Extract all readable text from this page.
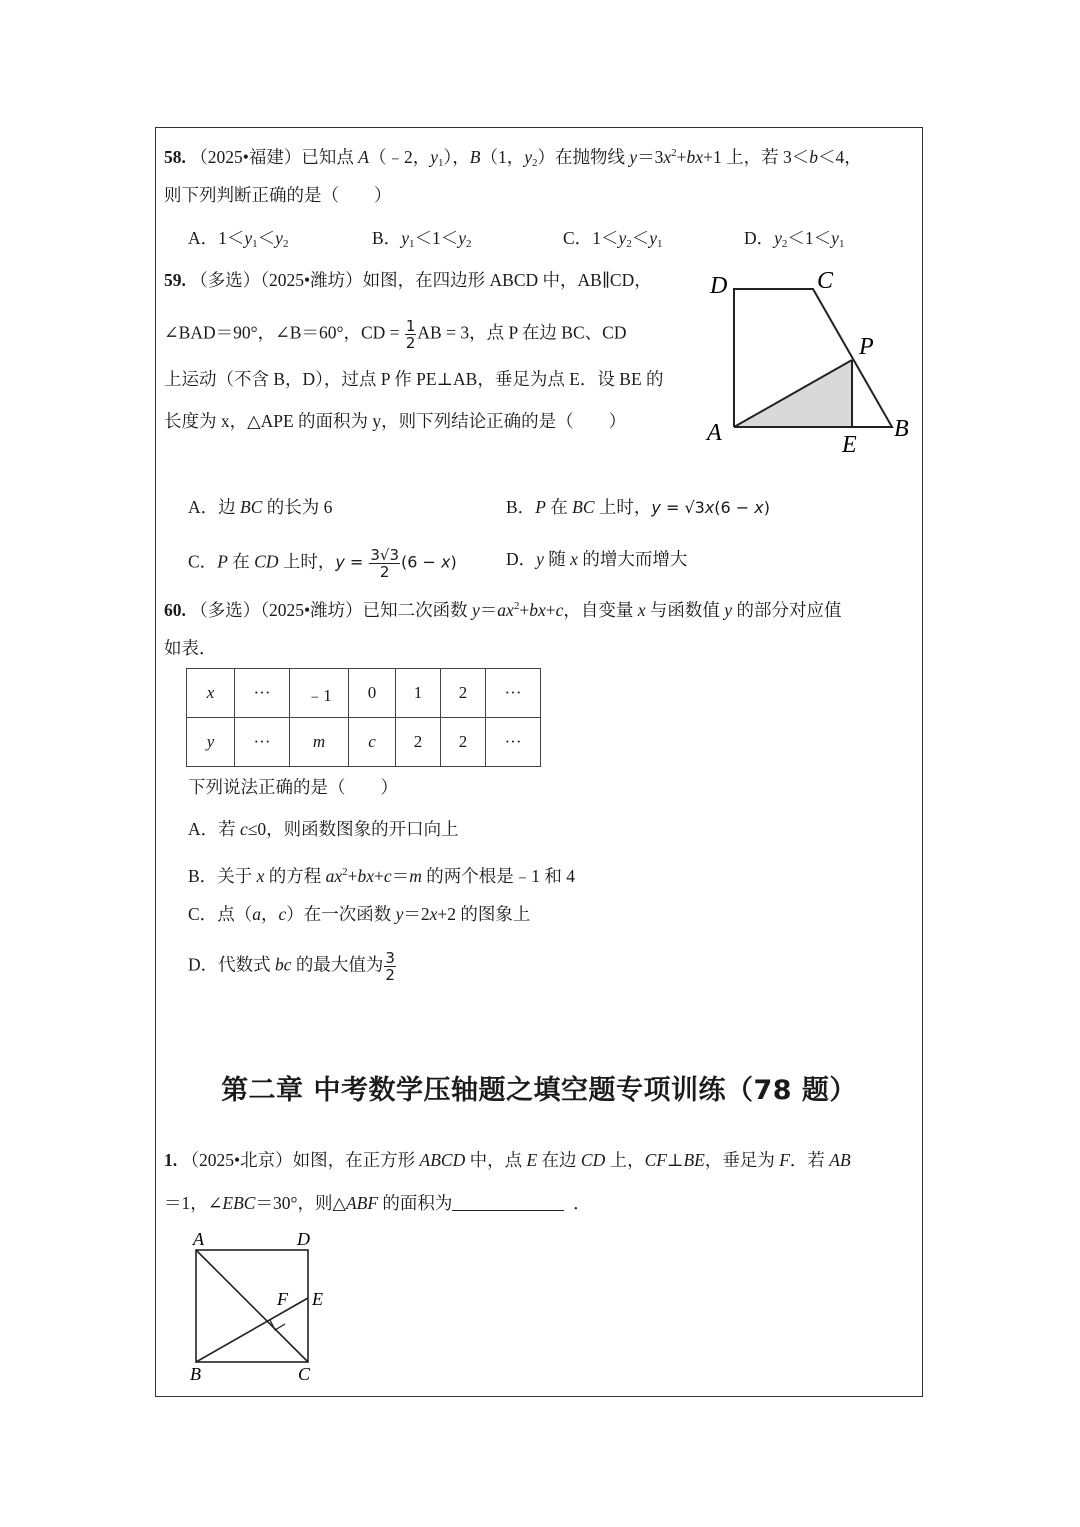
58. （2025•福建）已知点 A（﹣2，$y_1$），B（1，$y_2$）在抛物线 $y=3x^2+bx+1$ 上，若 3＜b＜4，
则下列判断正确的是（　　）
A．$1<y_1<y_2$	B．$y_1<1<y_2$	C．$1<y_2<y_1$	D．$y_2<1<y_1$
59. （多选）（2025•潍坊）如图，在四边形 ABCD 中，AB∥CD，
∠BAD＝90°，∠B＝60°，CD = $\frac{1}{2}$ AB = 3，点 P 在边 BC、CD
上运动（不含 B，D），过点 P 作 PE⊥AB，垂足为点 E．设 BE 的
长度为 x，△APE 的面积为 y，则下列结论正确的是（　　）
D	C
P
A	E
B
A．边 BC 的长为 6	B．P 在 BC 上时，y = √3x(6 − x)
C．P 在 CD 上时，$y = \frac{3√3}{2} (6 - x)$	D．y 随 x 的增大而增大
60. （多选）（2025•潍坊）已知二次函数 $y=ax^2+bx+c$，自变量 x 与函数值 y 的部分对应值
如表．
x	···	﹣1	0	1	2	···
y	···	m	c	2	2	···
下列说法正确的是（　　）
A．若 c≤0，则函数图象的开口向上
B．关于 x 的方程 $ax^2+bx+c=m$ 的两个根是﹣1 和 4
C．点（a，c）在一次函数 y＝2x+2 的图象上
D．代数式 bc 的最大值为 $\frac{3}{2}$
第二章 中考数学压轴题之填空题专项训练（78 题）
1. （2025•北京）如图，在正方形 ABCD 中，点 E 在边 CD 上，CF⊥BE，垂足为 F．若 AB
＝1，∠EBC＝30°，则△ABF 的面积为	．
A	D
F E
B	C
